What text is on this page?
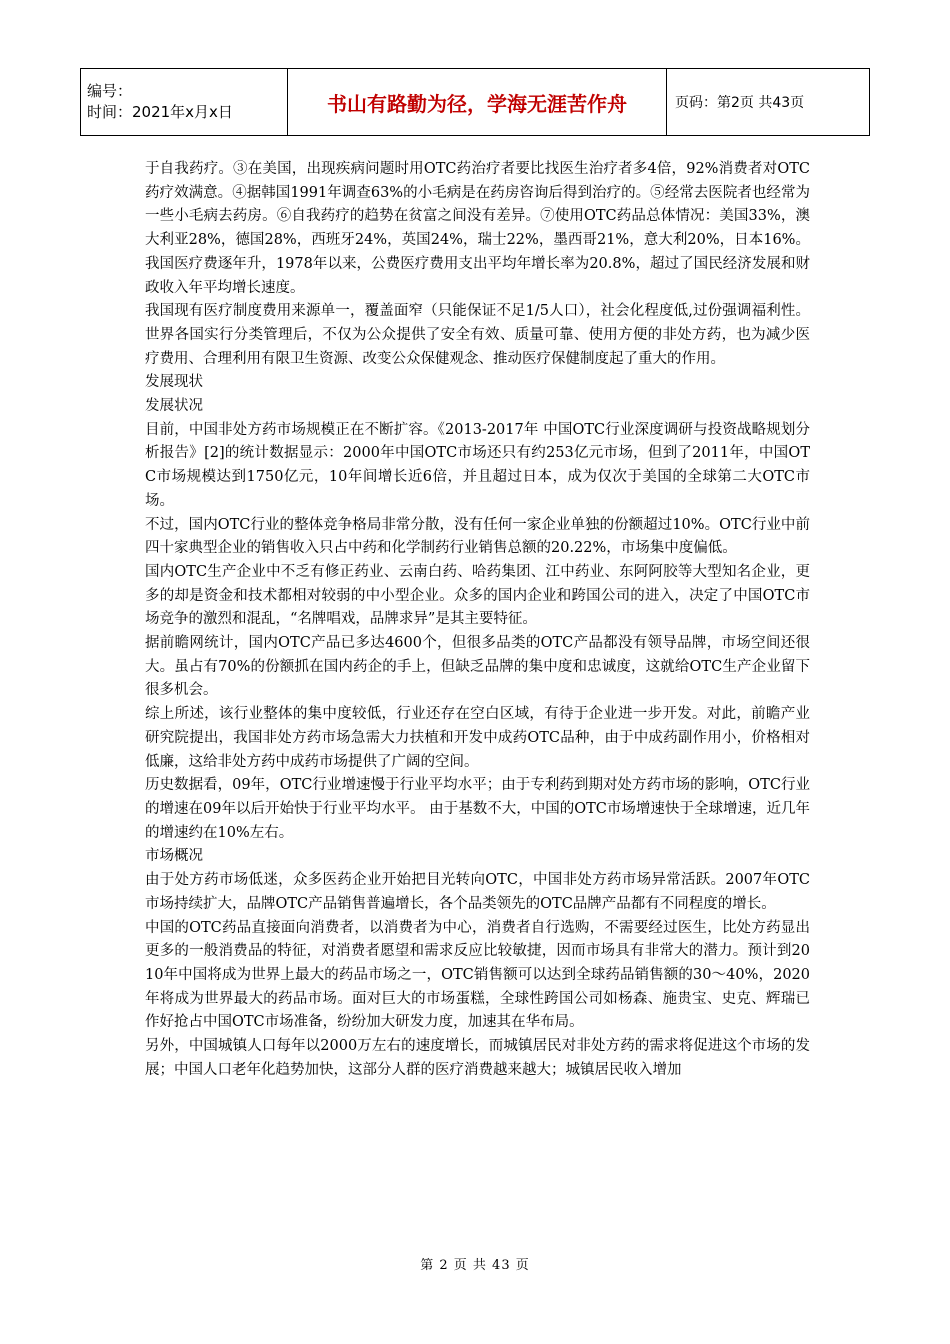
编号：
时间：2021年x月x日	书山有路勤为径，学海无涯苦作舟	页码：第2页 共43页

于自我药疗。③在美国，出现疾病问题时用OTC药治疗者要比找医生治疗者多4倍，92%消费者对OTC药疗效满意。④据韩国1991年调查63%的小毛病是在药房咨询后得到治疗的。⑤经常去医院者也经常为一些小毛病去药房。⑥自我药疗的趋势在贫富之间没有差异。⑦使用OTC药品总体情况：美国33%，澳大利亚28%，德国28%，西班牙24%，英国24%，瑞士22%，墨西哥21%，意大利20%，日本16%。我国医疗费逐年升，1978年以来，公费医疗费用支出平均年增长率为20.8%，超过了国民经济发展和财政收入年平均增长速度。

我国现有医疗制度费用来源单一，覆盖面窄（只能保证不足1/5人口），社会化程度低,过份强调福利性。世界各国实行分类管理后，不仅为公众提供了安全有效、质量可靠、使用方便的非处方药，也为减少医疗费用、合理利用有限卫生资源、改变公众保健观念、推动医疗保健制度起了重大的作用。

发展现状

发展状况

目前，中国非处方药市场规模正在不断扩容。《2013-2017年 中国OTC行业深度调研与投资战略规划分析报告》[2]的统计数据显示：2000年中国OTC市场还只有约253亿元市场，但到了2011年，中国OTC市场规模达到1750亿元，10年间增长近6倍，并且超过日本，成为仅次于美国的全球第二大OTC市场。

不过，国内OTC行业的整体竞争格局非常分散，没有任何一家企业单独的份额超过10%。OTC行业中前四十家典型企业的销售收入只占中药和化学制药行业销售总额的20.22%，市场集中度偏低。

国内OTC生产企业中不乏有修正药业、云南白药、哈药集团、江中药业、东阿阿胶等大型知名企业，更多的却是资金和技术都相对较弱的中小型企业。众多的国内企业和跨国公司的进入，决定了中国OTC市场竞争的激烈和混乱，“名牌唱戏，品牌求异”是其主要特征。

据前瞻网统计，国内OTC产品已多达4600个，但很多品类的OTC产品都没有领导品牌，市场空间还很大。虽占有70%的份额抓在国内药企的手上，但缺乏品牌的集中度和忠诚度，这就给OTC生产企业留下很多机会。

综上所述，该行业整体的集中度较低，行业还存在空白区域，有待于企业进一步开发。对此，前瞻产业研究院提出，我国非处方药市场急需大力扶植和开发中成药OTC品种，由于中成药副作用小，价格相对低廉，这给非处方药中成药市场提供了广阔的空间。

历史数据看，09年，OTC行业增速慢于行业平均水平；由于专利药到期对处方药市场的影响，OTC行业的增速在09年以后开始快于行业平均水平。 由于基数不大，中国的OTC市场增速快于全球增速，近几年的增速约在10%左右。

市场概况

由于处方药市场低迷，众多医药企业开始把目光转向OTC，中国非处方药市场异常活跃。2007年OTC市场持续扩大，品牌OTC产品销售普遍增长，各个品类领先的OTC品牌产品都有不同程度的增长。

中国的OTC药品直接面向消费者，以消费者为中心，消费者自行选购，不需要经过医生，比处方药显出更多的一般消费品的特征，对消费者愿望和需求反应比较敏捷，因而市场具有非常大的潜力。预计到2010年中国将成为世界上最大的药品市场之一，OTC销售额可以达到全球药品销售额的30～40%，2020年将成为世界最大的药品市场。面对巨大的市场蛋糕，全球性跨国公司如杨森、施贵宝、史克、辉瑞已作好抢占中国OTC市场准备，纷纷加大研发力度，加速其在华布局。

另外，中国城镇人口每年以2000万左右的速度增长，而城镇居民对非处方药的需求将促进这个市场的发展；中国人口老年化趋势加快，这部分人群的医疗消费越来越大；城镇居民收入增加

第 2 页 共 43 页
